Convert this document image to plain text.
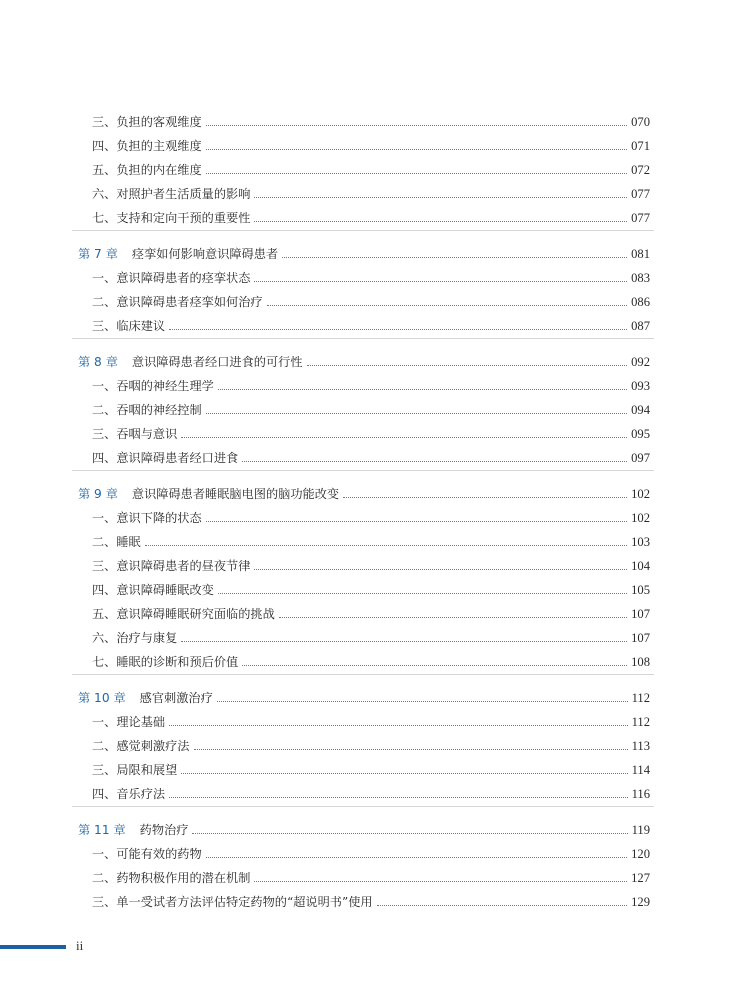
三、负担的客观维度	070
四、负担的主观维度	071
五、负担的内在维度	072
六、对照护者生活质量的影响	077
七、支持和定向干预的重要性	077
第 7 章 痉挛如何影响意识障碍患者	081
一、意识障碍患者的痉挛状态	083
二、意识障碍患者痉挛如何治疗	086
三、临床建议	087
第 8 章 意识障碍患者经口进食的可行性	092
一、吞咽的神经生理学	093
二、吞咽的神经控制	094
三、吞咽与意识	095
四、意识障碍患者经口进食	097
第 9 章 意识障碍患者睡眠脑电图的脑功能改变	102
一、意识下降的状态	102
二、睡眠	103
三、意识障碍患者的昼夜节律	104
四、意识障碍睡眠改变	105
五、意识障碍睡眠研究面临的挑战	107
六、治疗与康复	107
七、睡眠的诊断和预后价值	108
第 10 章 感官刺激治疗	112
一、理论基础	112
二、感觉刺激疗法	113
三、局限和展望	114
四、音乐疗法	116
第 11 章 药物治疗	119
一、可能有效的药物	120
二、药物积极作用的潜在机制	127
三、单一受试者方法评估特定药物的“超说明书”使用	129
ii
